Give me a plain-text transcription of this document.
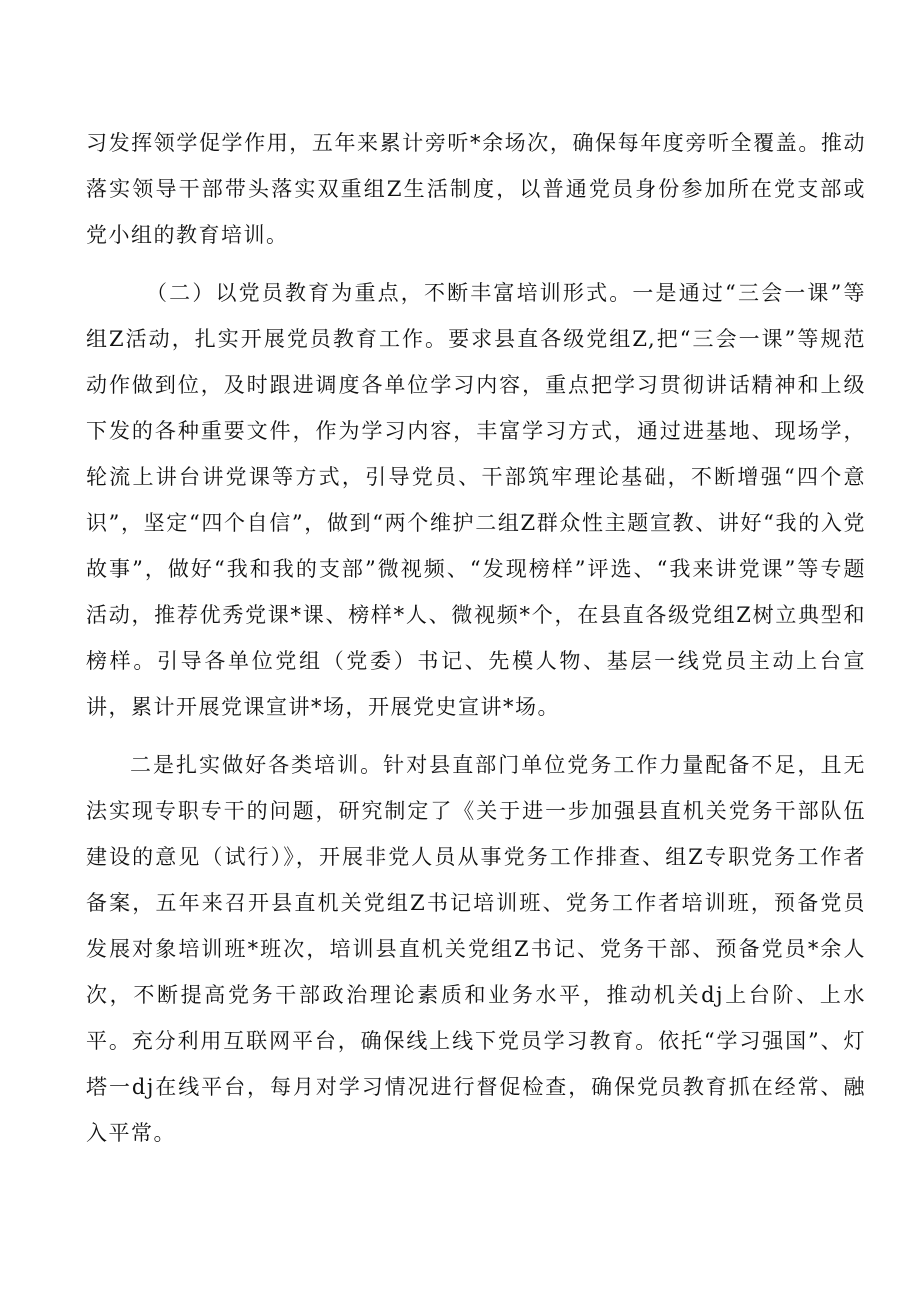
习发挥领学促学作用，五年来累计旁听*余场次，确保每年度旁听全覆盖。推动落实领导干部带头落实双重组Z生活制度，以普通党员身份参加所在党支部或党小组的教育培训。

（二）以党员教育为重点，不断丰富培训形式。一是通过“三会一课”等组Z活动，扎实开展党员教育工作。要求县直各级党组Z,把“三会一课”等规范动作做到位，及时跟进调度各单位学习内容，重点把学习贯彻讲话精神和上级下发的各种重要文件，作为学习内容，丰富学习方式，通过进基地、现场学，轮流上讲台讲党课等方式，引导党员、干部筑牢理论基础，不断增强“四个意识”，坚定“四个自信”，做到“两个维护二组Z群众性主题宣教、讲好“我的入党故事”，做好“我和我的支部”微视频、“发现榜样”评选、“我来讲党课”等专题活动，推荐优秀党课*课、榜样*人、微视频*个，在县直各级党组Z树立典型和榜样。引导各单位党组（党委）书记、先模人物、基层一线党员主动上台宣讲，累计开展党课宣讲*场，开展党史宣讲*场。

二是扎实做好各类培训。针对县直部门单位党务工作力量配备不足，且无法实现专职专干的问题，研究制定了《关于进一步加强县直机关党务干部队伍建设的意见（试行）》，开展非党人员从事党务工作排查、组Z专职党务工作者备案，五年来召开县直机关党组Z书记培训班、党务工作者培训班，预备党员发展对象培训班*班次，培训县直机关党组Z书记、党务干部、预备党员*余人次，不断提高党务干部政治理论素质和业务水平，推动机关dj上台阶、上水平。充分利用互联网平台，确保线上线下党员学习教育。依托“学习强国”、灯塔一dj在线平台，每月对学习情况进行督促检查，确保党员教育抓在经常、融入平常。
